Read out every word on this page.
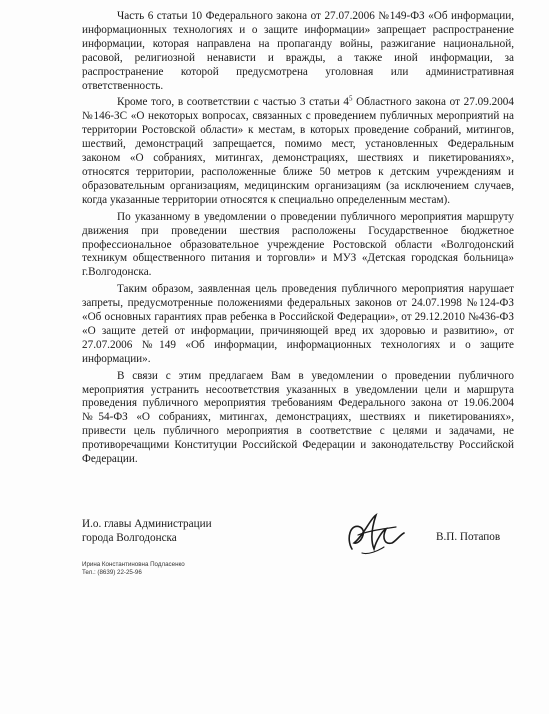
Часть 6 статьи 10 Федерального закона от 27.07.2006 №149-ФЗ «Об информации, информационных технологиях и о защите информации» запрещает распространение информации, которая направлена на пропаганду войны, разжигание национальной, расовой, религиозной ненависти и вражды, а также иной информации, за распространение которой предусмотрена уголовная или административная ответственность.

Кроме того, в соответствии с частью 3 статьи $4^5$ Областного закона от 27.09.2004 №146-ЗС «О некоторых вопросах, связанных с проведением публичных мероприятий на территории Ростовской области» к местам, в которых проведение собраний, митингов, шествий, демонстраций запрещается, помимо мест, установленных Федеральным законом «О собраниях, митингах, демонстрациях, шествиях и пикетированиях», относятся территории, расположенные ближе 50 метров к детским учреждениям и образовательным организациям, медицинским организациям (за исключением случаев, когда указанные территории относятся к специально определенным местам).

По указанному в уведомлении о проведении публичного мероприятия маршруту движения при проведении шествия расположены Государственное бюджетное профессиональное образовательное учреждение Ростовской области «Волгодонский техникум общественного питания и торговли» и МУЗ «Детская городская больница» г.Волгодонска.

Таким образом, заявленная цель проведения публичного мероприятия нарушает запреты, предусмотренные положениями федеральных законов от 24.07.1998 №124-ФЗ «Об основных гарантиях прав ребенка в Российской Федерации», от 29.12.2010 №436-ФЗ «О защите детей от информации, причиняющей вред их здоровью и развитию», от 27.07.2006 №149 «Об информации, информационных технологиях и о защите информации».

В связи с этим предлагаем Вам в уведомлении о проведении публичного мероприятия устранить несоответствия указанных в уведомлении цели и маршрута проведения публичного мероприятия требованиям Федерального закона от 19.06.2004 №54-ФЗ «О собраниях, митингах, демонстрациях, шествиях и пикетированиях», привести цель публичного мероприятия в соответствие с целями и задачами, не противоречащими Конституции Российской Федерации и законодательству Российской Федерации.

И.о. главы Администрации
города Волгодонска	В.П. Потапов
Ирина Константиновна Подласенко
Тел.: (8639) 22-25-96
